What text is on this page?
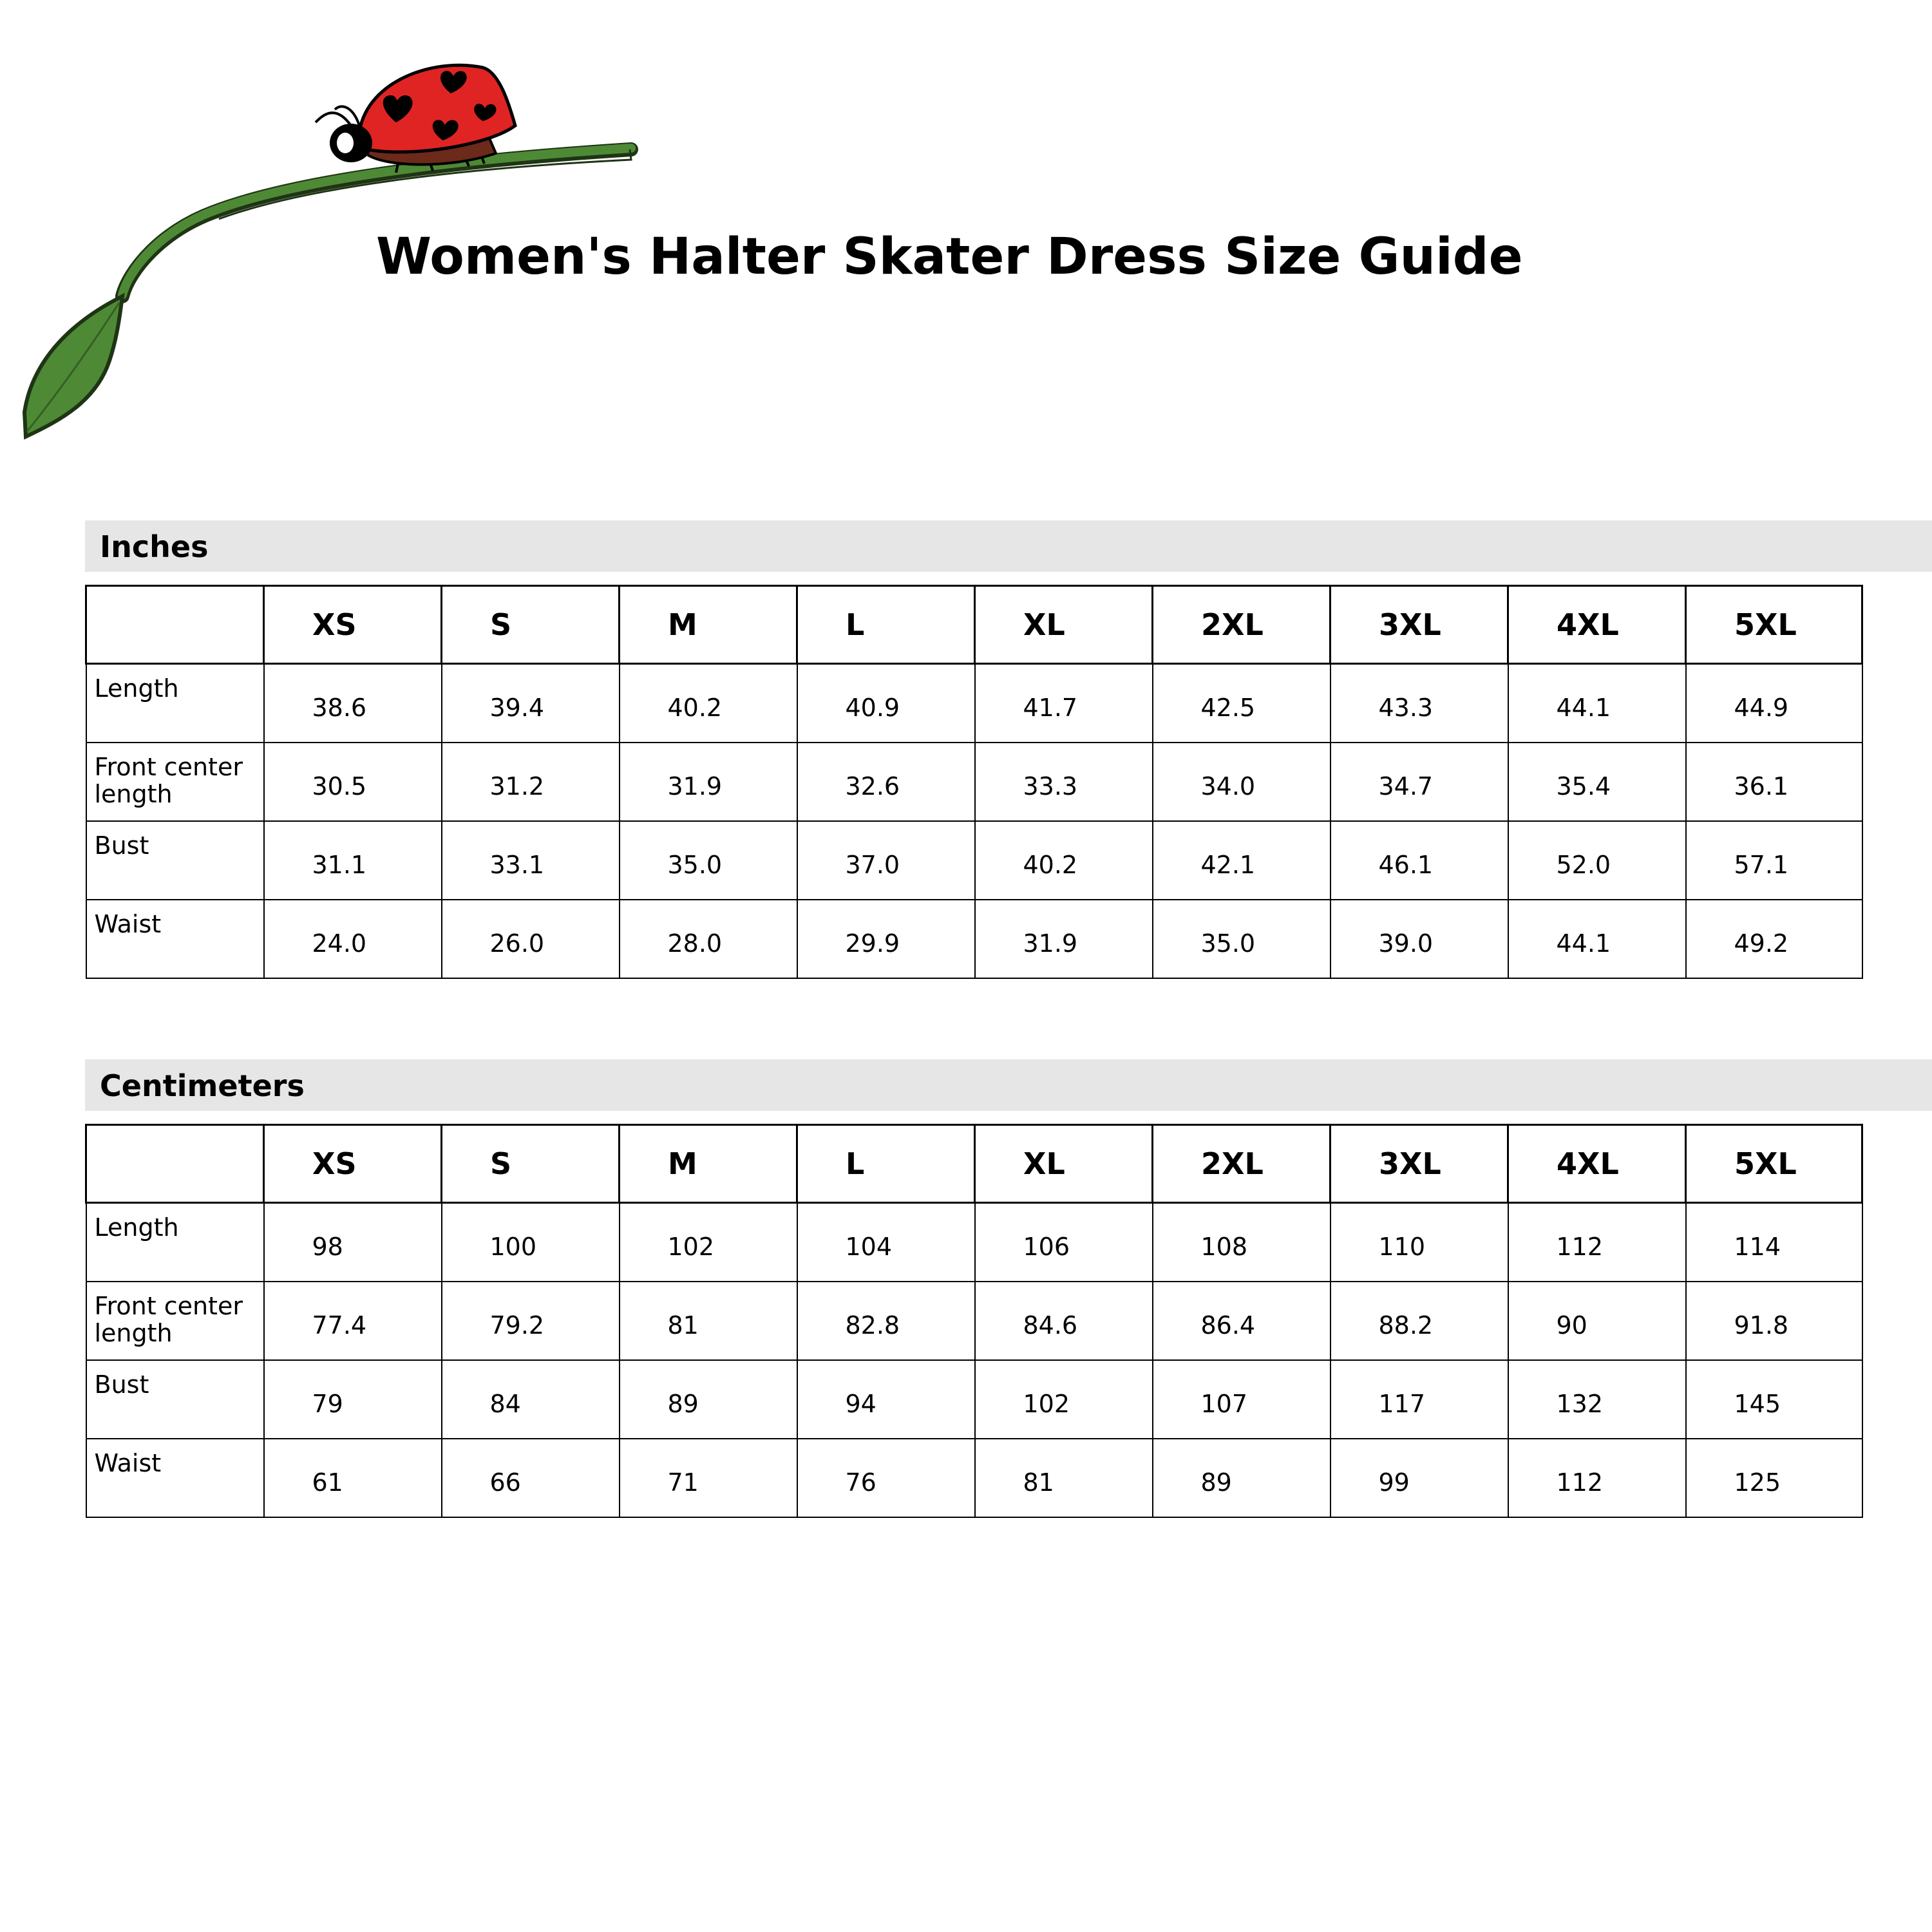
Women's Halter Skater Dress Size Guide
Inches
	XS	S	M	L	XL	2XL	3XL	4XL	5XL
Length	38.6	39.4	40.2	40.9	41.7	42.5	43.3	44.1	44.9
Front center length	30.5	31.2	31.9	32.6	33.3	34.0	34.7	35.4	36.1
Bust	31.1	33.1	35.0	37.0	40.2	42.1	46.1	52.0	57.1
Waist	24.0	26.0	28.0	29.9	31.9	35.0	39.0	44.1	49.2
Centimeters
	XS	S	M	L	XL	2XL	3XL	4XL	5XL
Length	98	100	102	104	106	108	110	112	114
Front center length	77.4	79.2	81	82.8	84.6	86.4	88.2	90	91.8
Bust	79	84	89	94	102	107	117	132	145
Waist	61	66	71	76	81	89	99	112	125
